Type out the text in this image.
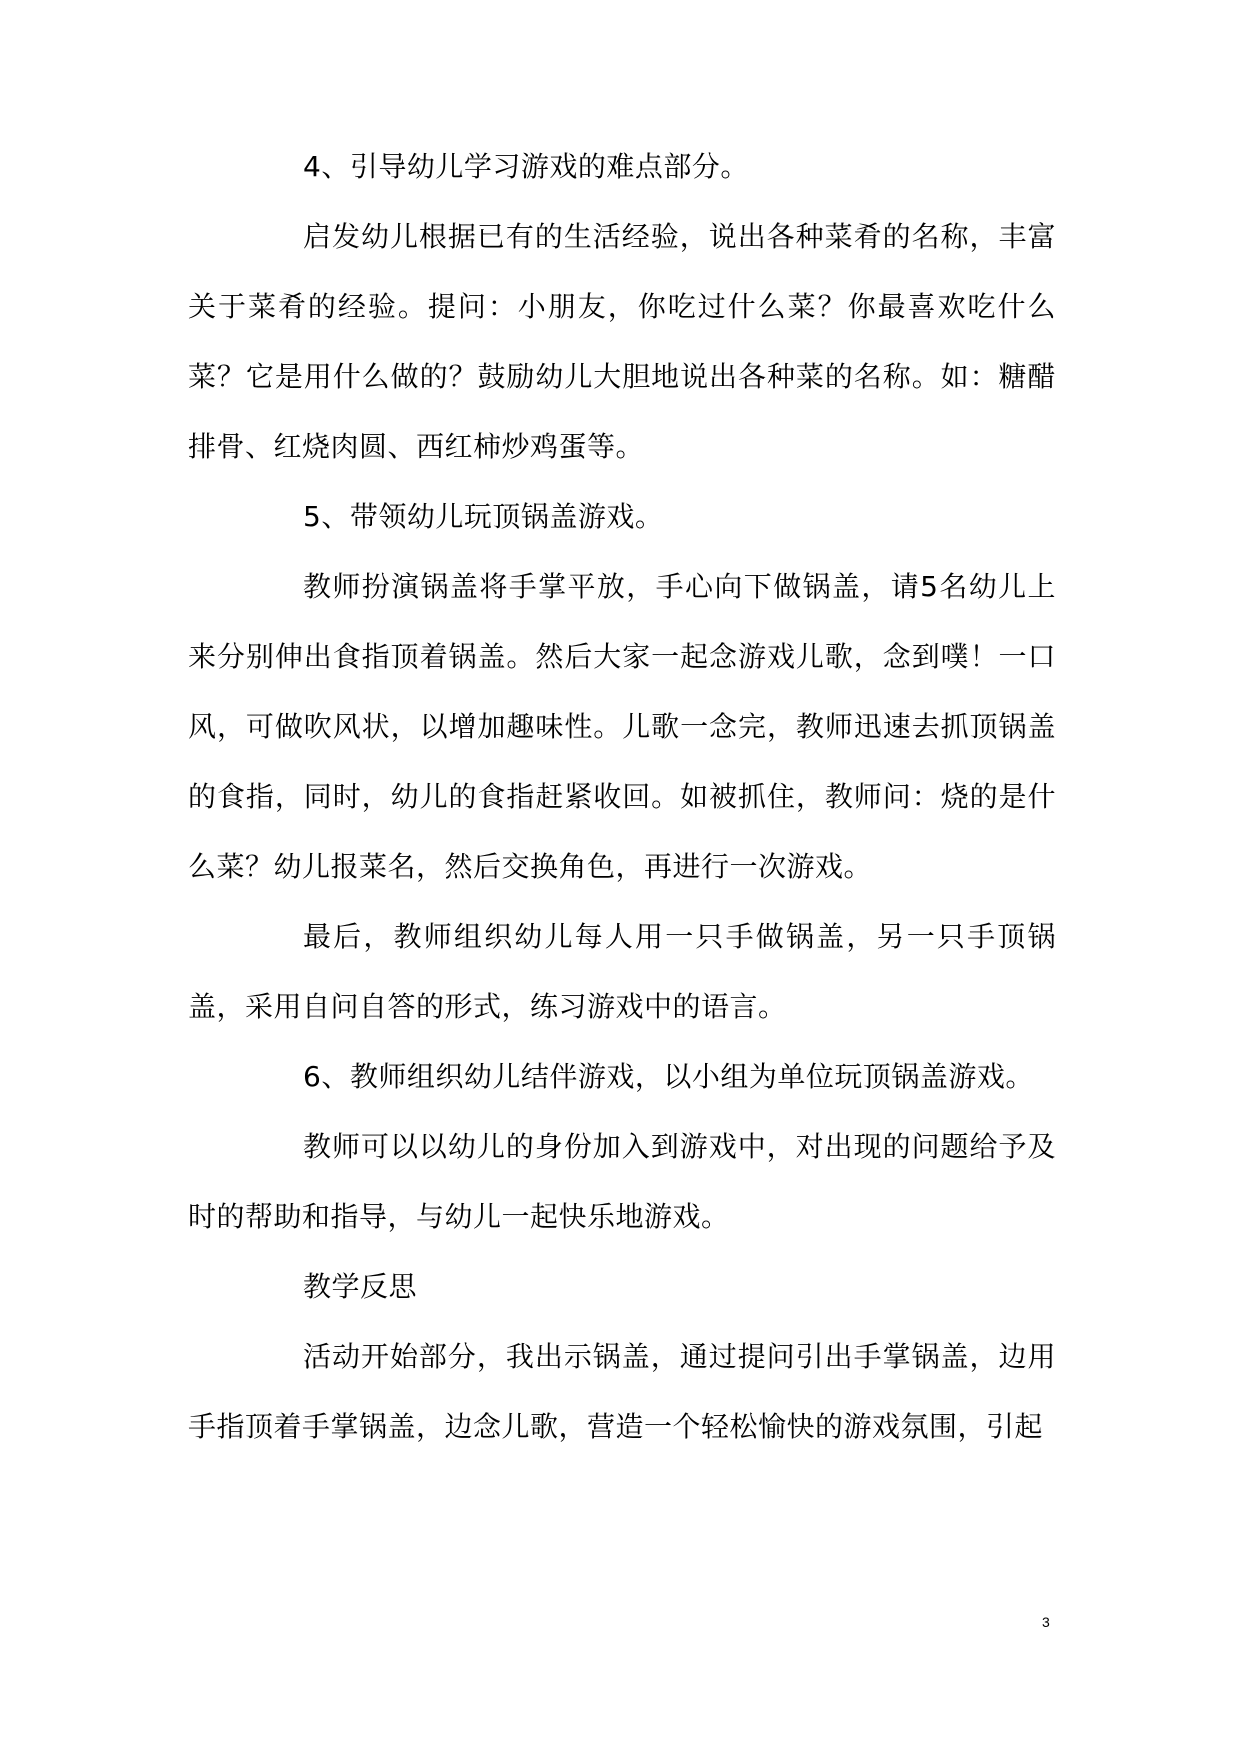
4、引导幼儿学习游戏的难点部分。

启发幼儿根据已有的生活经验，说出各种菜肴的名称，丰富关于菜肴的经验。提问：小朋友，你吃过什么菜？你最喜欢吃什么菜？它是用什么做的？鼓励幼儿大胆地说出各种菜的名称。如：糖醋排骨、红烧肉圆、西红柿炒鸡蛋等。

5、带领幼儿玩顶锅盖游戏。

教师扮演锅盖将手掌平放，手心向下做锅盖，请5名幼儿上来分别伸出食指顶着锅盖。然后大家一起念游戏儿歌，念到噗！一口风，可做吹风状，以增加趣味性。儿歌一念完，教师迅速去抓顶锅盖的食指，同时，幼儿的食指赶紧收回。如被抓住，教师问：烧的是什么菜？幼儿报菜名，然后交换角色，再进行一次游戏。

最后，教师组织幼儿每人用一只手做锅盖，另一只手顶锅盖，采用自问自答的形式，练习游戏中的语言。

6、教师组织幼儿结伴游戏，以小组为单位玩顶锅盖游戏。

教师可以以幼儿的身份加入到游戏中，对出现的问题给予及时的帮助和指导，与幼儿一起快乐地游戏。

教学反思

活动开始部分，我出示锅盖，通过提问引出手掌锅盖，边用手指顶着手掌锅盖，边念儿歌，营造一个轻松愉快的游戏氛围，引起

3
